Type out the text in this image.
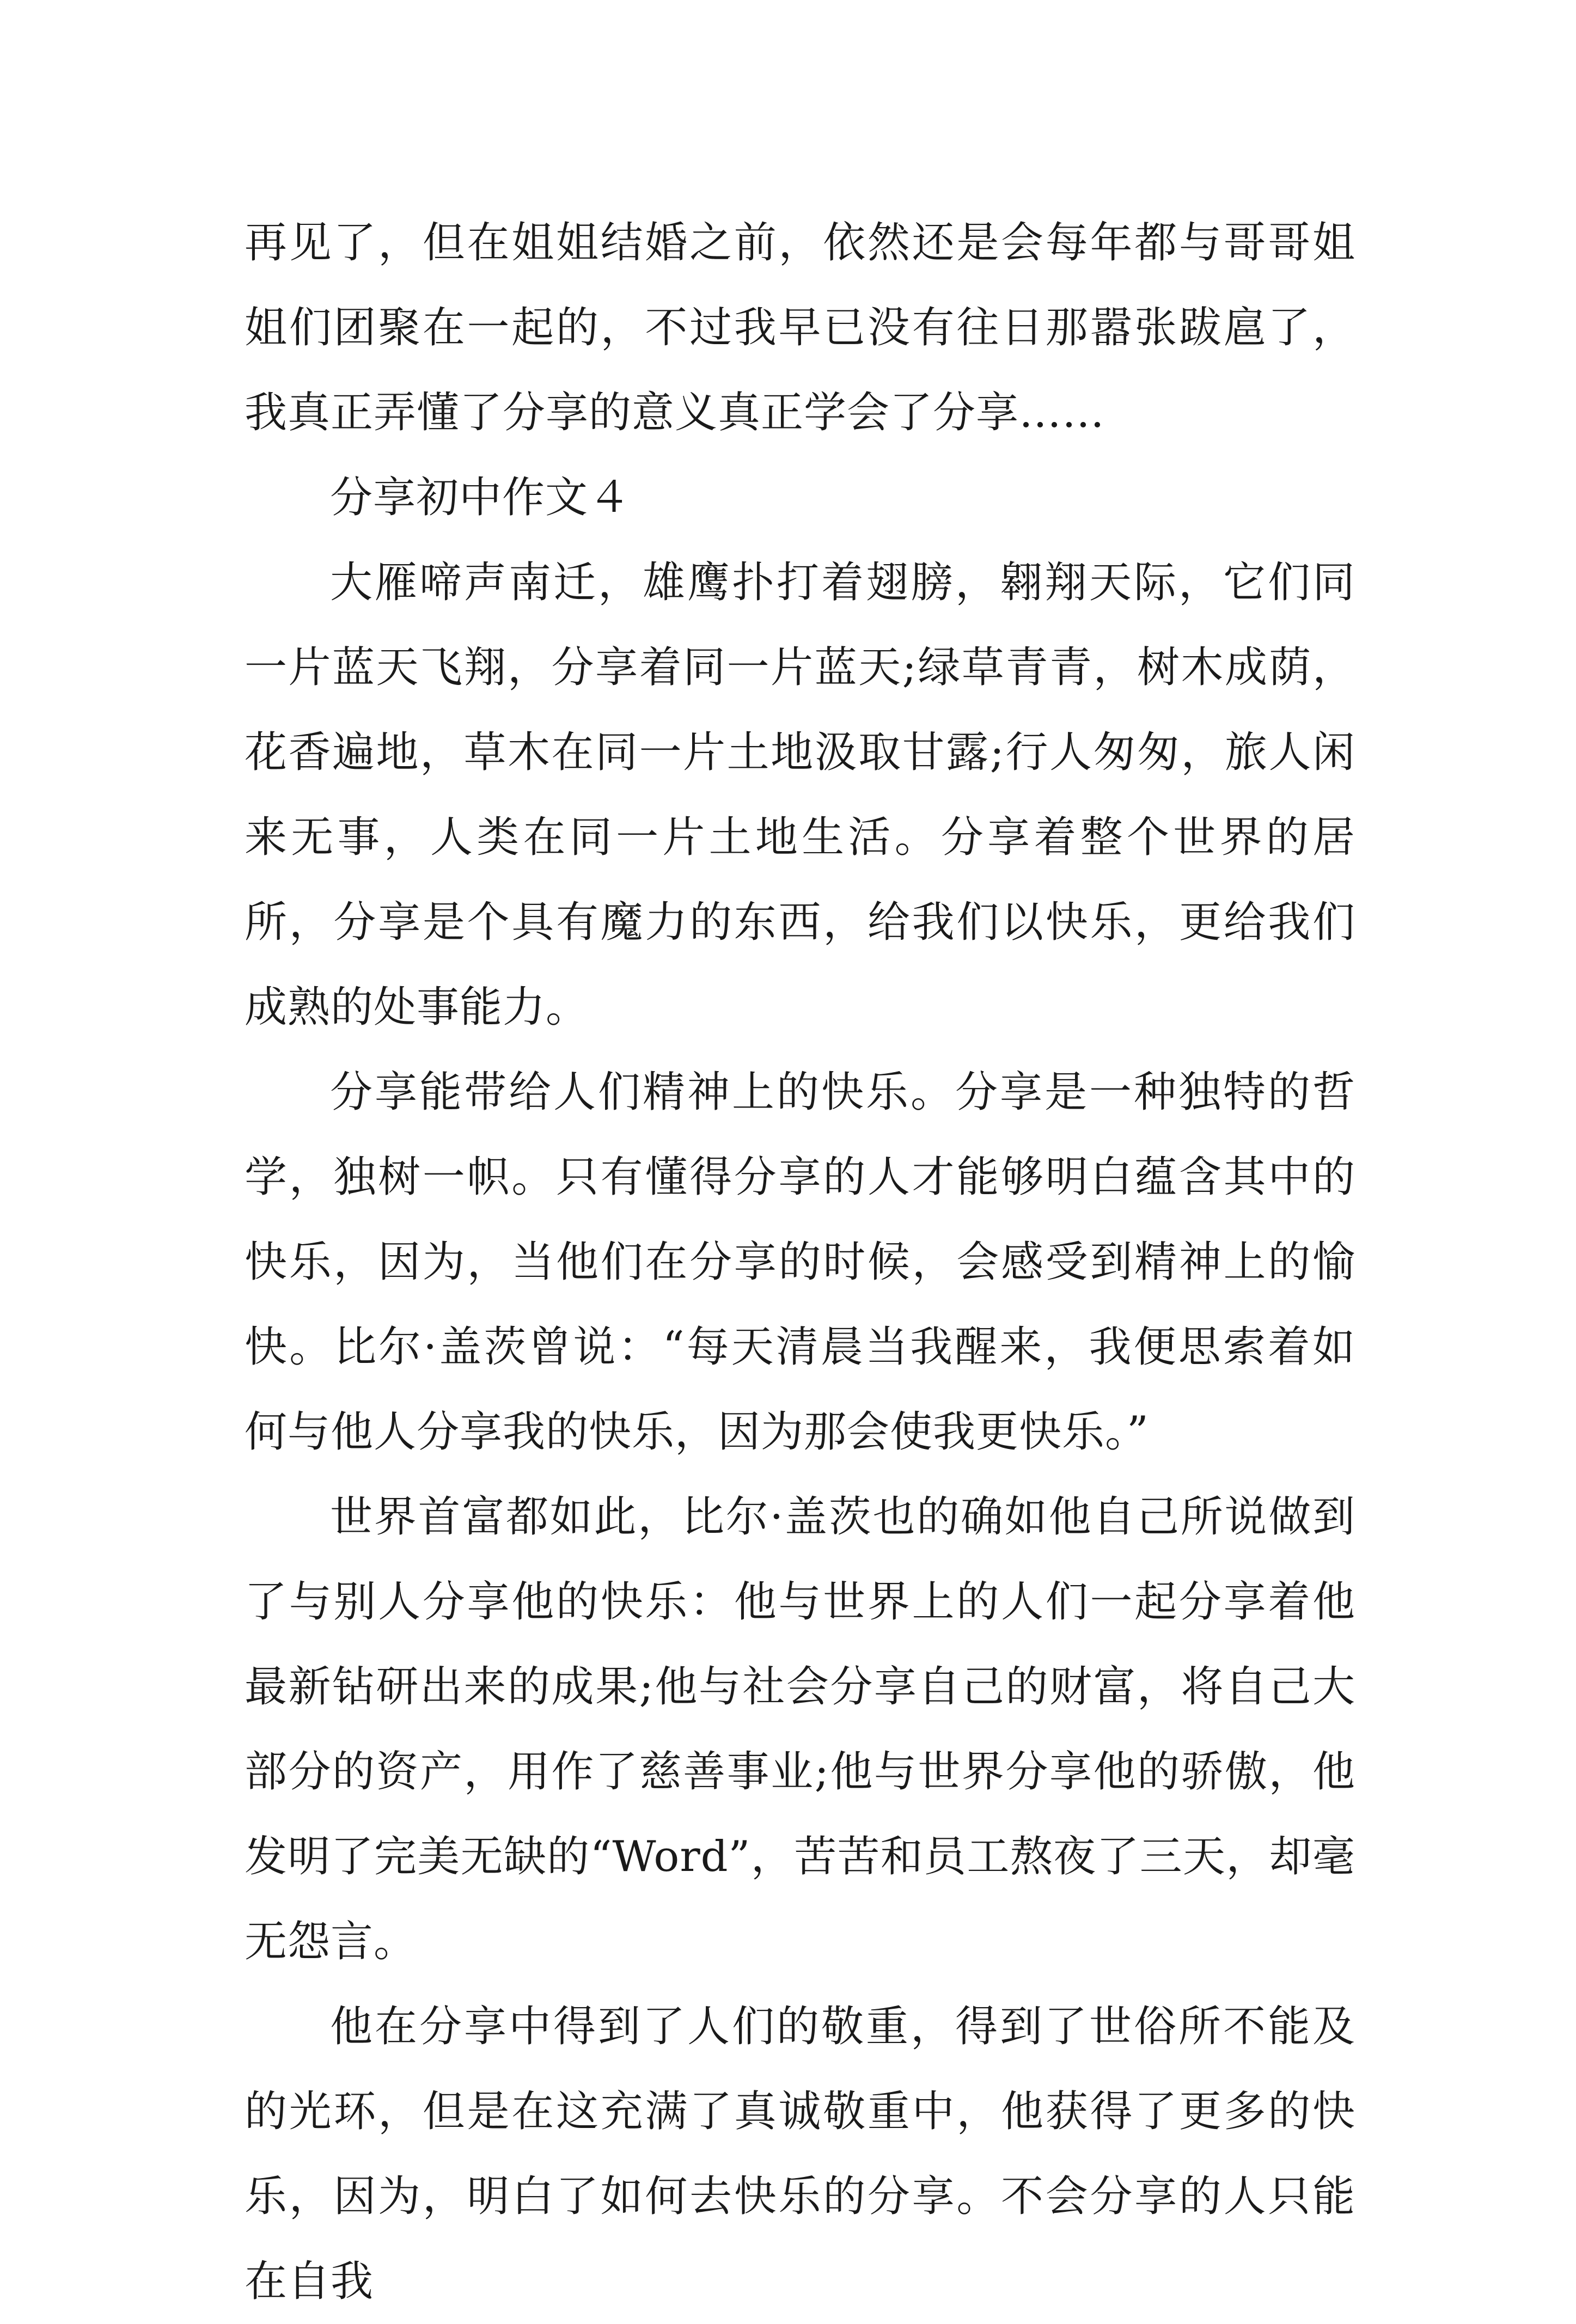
再见了，但在姐姐结婚之前，依然还是会每年都与哥哥姐姐们团聚在一起的，不过我早已没有往日那嚣张跋扈了，我真正弄懂了分享的意义真正学会了分享……

分享初中作文４

大雁啼声南迁，雄鹰扑打着翅膀，翱翔天际，它们同一片蓝天飞翔，分享着同一片蓝天;绿草青青，树木成荫，花香遍地，草木在同一片土地汲取甘露;行人匆匆，旅人闲来无事，人类在同一片土地生活。分享着整个世界的居所，分享是个具有魔力的东西，给我们以快乐，更给我们成熟的处事能力。

分享能带给人们精神上的快乐。分享是一种独特的哲学，独树一帜。只有懂得分享的人才能够明白蕴含其中的快乐，因为，当他们在分享的时候，会感受到精神上的愉快。比尔·盖茨曾说：“每天清晨当我醒来，我便思索着如何与他人分享我的快乐，因为那会使我更快乐。”

世界首富都如此，比尔·盖茨也的确如他自己所说做到了与别人分享他的快乐：他与世界上的人们一起分享着他最新钻研出来的成果;他与社会分享自己的财富，将自己大部分的资产，用作了慈善事业;他与世界分享他的骄傲，他发明了完美无缺的“Word”，苦苦和员工熬夜了三天，却毫无怨言。

他在分享中得到了人们的敬重，得到了世俗所不能及的光环，但是在这充满了真诚敬重中，他获得了更多的快乐，因为，明白了如何去快乐的分享。不会分享的人只能在自我
